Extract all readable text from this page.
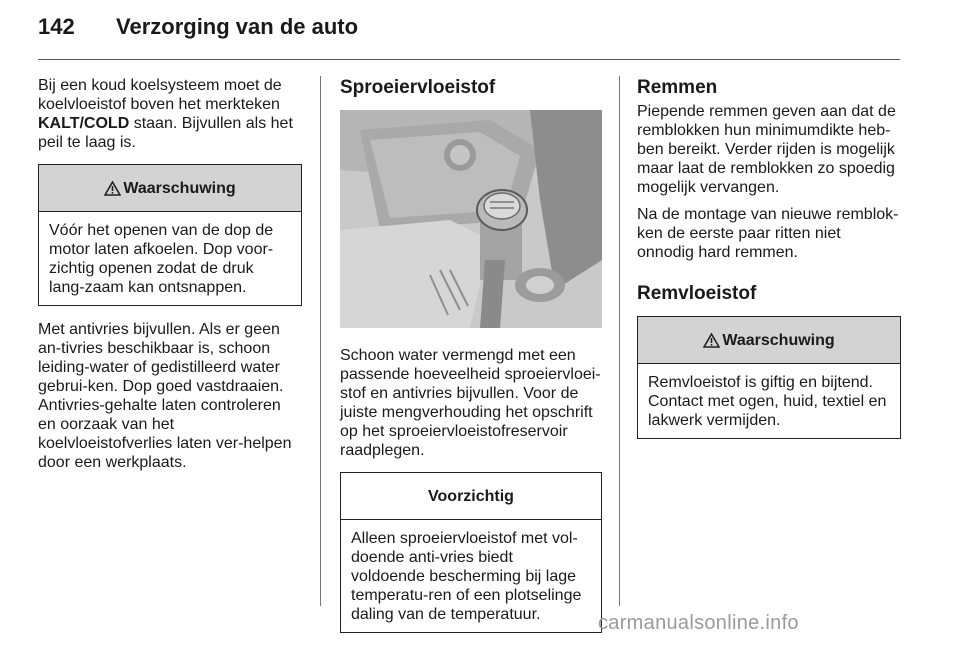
142 Verzorging van de auto

Bij een koud koelsysteem moet de koelvloeistof boven het merkteken KALT/COLD staan. Bijvullen als het peil te laag is.

Waarschuwing
Vóór het openen van de dop de motor laten afkoelen. Dop voor-zichtig openen zodat de druk lang-zaam kan ontsnappen.

Met antivries bijvullen. Als er geen an-tivries beschikbaar is, schoon leiding-water of gedistilleerd water gebrui-ken. Dop goed vastdraaien. Antivries-gehalte laten controleren en oorzaak van het koelvloeistofverlies laten ver-helpen door een werkplaats.

Sproeiervloeistof

Schoon water vermengd met een passende hoeveelheid sproeiervloei-stof en antivries bijvullen. Voor de juiste mengverhouding het opschrift op het sproeiervloeistofreservoir raadplegen.

Voorzichtig
Alleen sproeiervloeistof met vol-doende anti-vries biedt voldoende bescherming bij lage temperatu-ren of een plotselinge daling van de temperatuur.
Remmen

Piepende remmen geven aan dat de remblokken hun minimumdikte heb-ben bereikt. Verder rijden is mogelijk maar laat de remblokken zo spoedig mogelijk vervangen.

Na de montage van nieuwe remblok-ken de eerste paar ritten niet onnodig hard remmen.

Remvloeistof
Waarschuwing
Remvloeistof is giftig en bijtend. Contact met ogen, huid, textiel en lakwerk vermijden.
carmanualsonline.info
